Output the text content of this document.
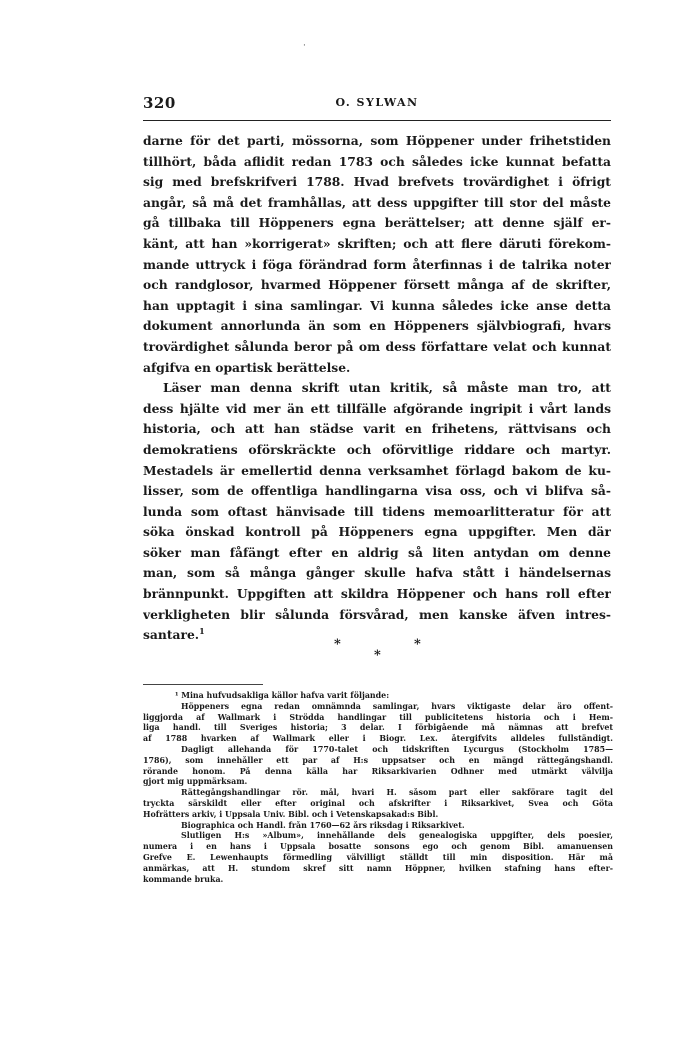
·
320	O. SYLWAN
darne för det parti, mössorna, som Höppener under frihetstiden
tillhört, båda aflidit redan 1783 och således icke kunnat befatta
sig med brefskrifveri 1788. Hvad brefvets trovärdighet i öfrigt
angår, så må det framhållas, att dess uppgifter till stor del måste
gå tillbaka till Höppeners egna berättelser; att denne själf er-
känt, att han »korrigerat» skriften; och att flere däruti förekom-
mande uttryck i föga förändrad form återfinnas i de talrika noter
och randglosor, hvarmed Höppener försett många af de skrifter,
han upptagit i sina samlingar. Vi kunna således icke anse detta
dokument annorlunda än som en Höppeners självbiografi, hvars
trovärdighet sålunda beror på om dess författare velat och kunnat
afgifva en opartisk berättelse.
Läser man denna skrift utan kritik, så måste man tro, att
dess hjälte vid mer än ett tillfälle afgörande ingripit i vårt lands
historia, och att han städse varit en frihetens, rättvisans och
demokratiens oförskräckte och oförvitlige riddare och martyr.
Mestadels är emellertid denna verksamhet förlagd bakom de ku-
lisser, som de offentliga handlingarna visa oss, och vi blifva så-
lunda som oftast hänvisade till tidens memoarlitteratur för att
söka önskad kontroll på Höppeners egna uppgifter. Men där
söker man fåfängt efter en aldrig så liten antydan om denne
man, som så många gånger skulle hafva stått i händelsernas
brännpunkt. Uppgiften att skildra Höppener och hans roll efter
verkligheten blir sålunda försvårad, men kanske äfven intres-
santare.$^1$
*	*
*
¹ Mina hufvudsakliga källor hafva varit följande:
Höppeners egna redan omnämnda samlingar, hvars viktigaste delar äro offent-
liggjorda af Wallmark i Strödda handlingar till publicitetens historia och i Hem-
liga handl. till Sveriges historia; 3 delar. I förbigående må nämnas att brefvet
af 1788 hvarken af Wallmark eller i Biogr. Lex. återgifvits alldeles fullständigt.
Dagligt allehanda för 1770-talet och tidskriften Lycurgus (Stockholm 1785—
1786), som innehåller ett par af H:s uppsatser och en mängd rättegångshandl.
rörande honom. På denna källa har Riksarkivarien Odhner med utmärkt välvilja
gjort mig uppmärksam.
Rättegångshandlingar rör. mål, hvari H. såsom part eller sakförare tagit del
tryckta särskildt eller efter original och afskrifter i Riksarkivet, Svea och Göta
Hofrätters arkiv, i Uppsala Univ. Bibl. och i Vetenskapsakad:s Bibl.
Biographica och Handl. från 1760—62 års riksdag i Riksarkivet.
Slutligen H:s »Album», innehållande dels genealogiska uppgifter, dels poesier,
numera i en hans i Uppsala bosatte sonsons ego och genom Bibl. amanuensen
Grefve E. Lewenhaupts förmedling välvilligt ställdt till min disposition. Här må
anmärkas, att H. stundom skref sitt namn Höppner, hvilken stafning hans efter-
kommande bruka.
